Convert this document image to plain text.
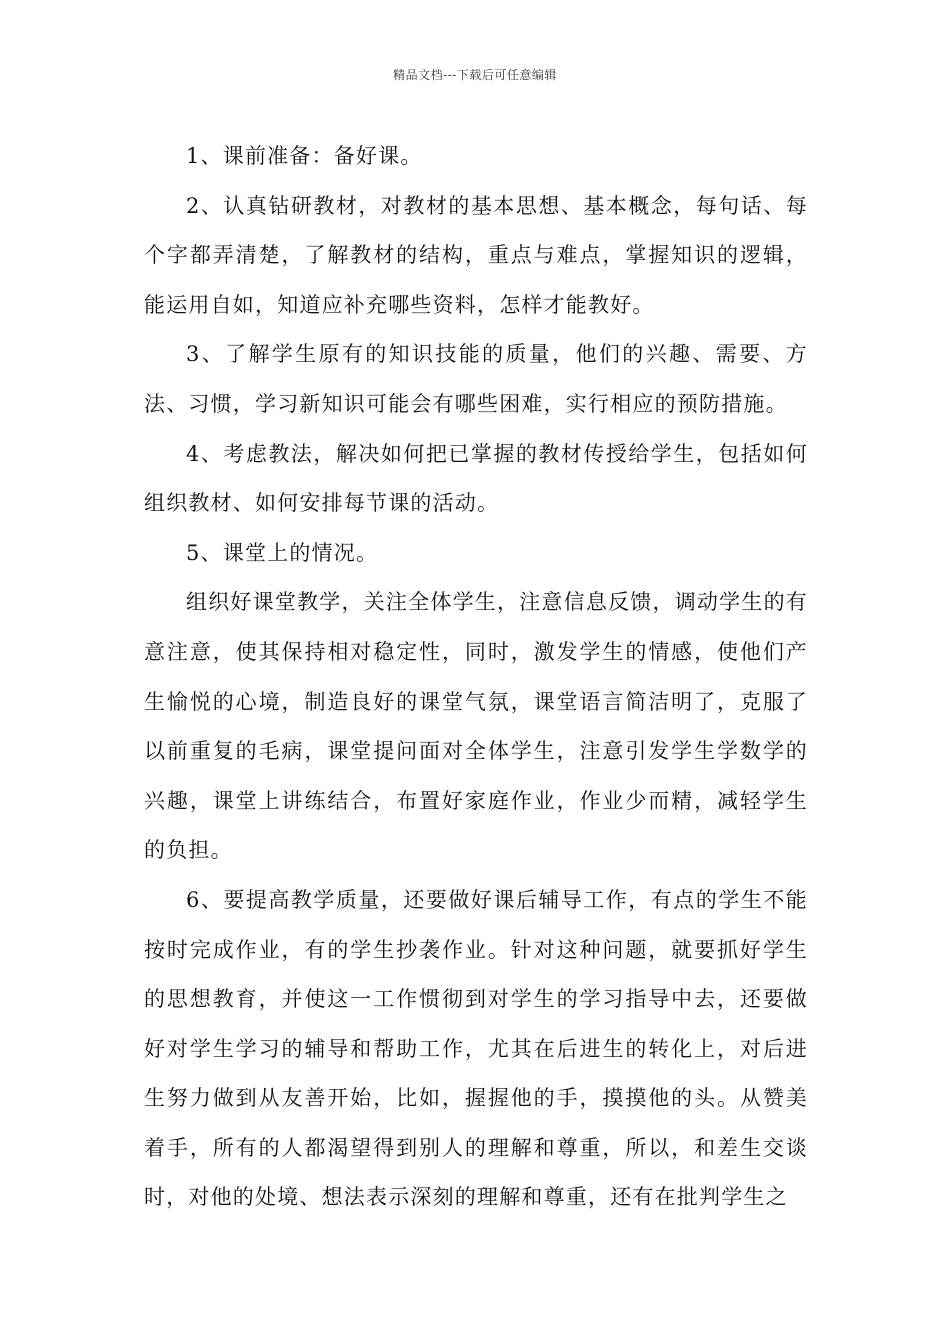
精品文档---下载后可任意编辑

1、课前准备：备好课。

2、认真钻研教材，对教材的基本思想、基本概念，每句话、每个字都弄清楚，了解教材的结构，重点与难点，掌握知识的逻辑，能运用自如，知道应补充哪些资料，怎样才能教好。

3、了解学生原有的知识技能的质量，他们的兴趣、需要、方法、习惯，学习新知识可能会有哪些困难，实行相应的预防措施。

4、考虑教法，解决如何把已掌握的教材传授给学生，包括如何组织教材、如何安排每节课的活动。

5、课堂上的情况。

组织好课堂教学，关注全体学生，注意信息反馈，调动学生的有意注意，使其保持相对稳定性，同时，激发学生的情感，使他们产生愉悦的心境，制造良好的课堂气氛，课堂语言简洁明了，克服了以前重复的毛病，课堂提问面对全体学生，注意引发学生学数学的兴趣，课堂上讲练结合，布置好家庭作业，作业少而精，减轻学生的负担。

6、要提高教学质量，还要做好课后辅导工作，有点的学生不能按时完成作业，有的学生抄袭作业。针对这种问题，就要抓好学生的思想教育，并使这一工作惯彻到对学生的学习指导中去，还要做好对学生学习的辅导和帮助工作，尤其在后进生的转化上，对后进生努力做到从友善开始，比如，握握他的手，摸摸他的头。从赞美着手，所有的人都渴望得到别人的理解和尊重，所以，和差生交谈时，对他的处境、想法表示深刻的理解和尊重，还有在批判学生之
